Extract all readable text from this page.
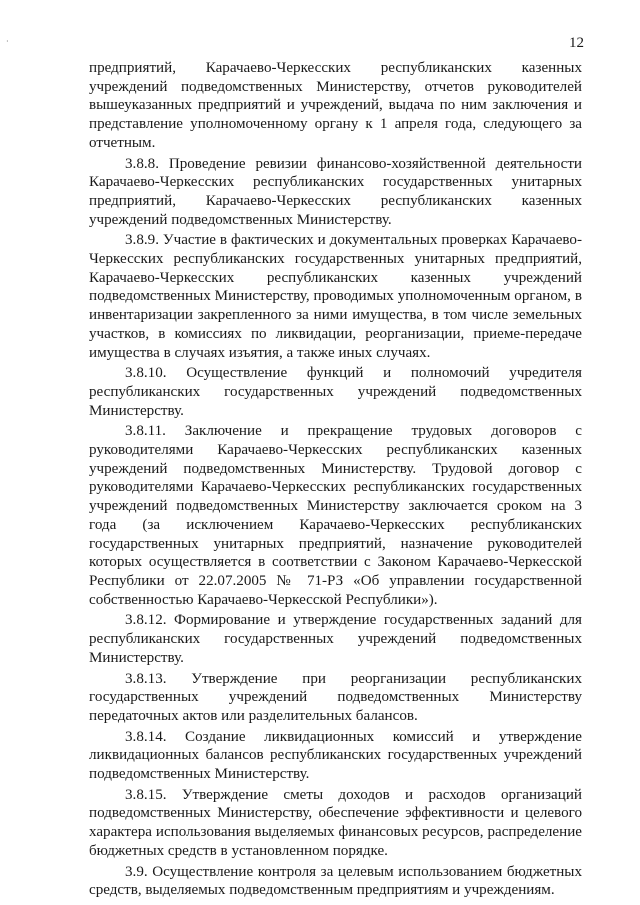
·	12

предприятий, Карачаево-Черкесских республиканских казенных учреждений подведомственных Министерству, отчетов руководителей вышеуказанных предприятий и учреждений, выдача по ним заключения и представление уполномоченному органу к 1 апреля года, следующего за отчетным.

3.8.8. Проведение ревизии финансово-хозяйственной деятельности Карачаево-Черкесских республиканских государственных унитарных предприятий, Карачаево-Черкесских республиканских казенных учреждений подведомственных Министерству.

3.8.9. Участие в фактических и документальных проверках Карачаево-Черкесских республиканских государственных унитарных предприятий, Карачаево-Черкесских республиканских казенных учреждений подведомственных Министерству, проводимых уполномоченным органом, в инвентаризации закрепленного за ними имущества, в том числе земельных участков, в комиссиях по ликвидации, реорганизации, приеме-передаче имущества в случаях изъятия, а также иных случаях.

3.8.10. Осуществление функций и полномочий учредителя республиканских государственных учреждений подведомственных Министерству.

3.8.11. Заключение и прекращение трудовых договоров с руководителями Карачаево-Черкесских республиканских казенных учреждений подведомственных Министерству. Трудовой договор с руководителями Карачаево-Черкесских республиканских государственных учреждений подведомственных Министерству заключается сроком на 3 года (за исключением Карачаево-Черкесских республиканских государственных унитарных предприятий, назначение руководителей которых осуществляется в соответствии с Законом Карачаево-Черкесской Республики от 22.07.2005 № 71-РЗ «Об управлении государственной собственностью Карачаево-Черкесской Республики»).

3.8.12. Формирование и утверждение государственных заданий для республиканских государственных учреждений подведомственных Министерству.

3.8.13. Утверждение при реорганизации республиканских государственных учреждений подведомственных Министерству передаточных актов или разделительных балансов.

3.8.14. Создание ликвидационных комиссий и утверждение ликвидационных балансов республиканских государственных учреждений подведомственных Министерству.

3.8.15. Утверждение сметы доходов и расходов организаций подведомственных Министерству, обеспечение эффективности и целевого характера использования выделяемых финансовых ресурсов, распределение бюджетных средств в установленном порядке.

3.9. Осуществление контроля за целевым использованием бюджетных средств, выделяемых подведомственным предприятиям и учреждениям.
